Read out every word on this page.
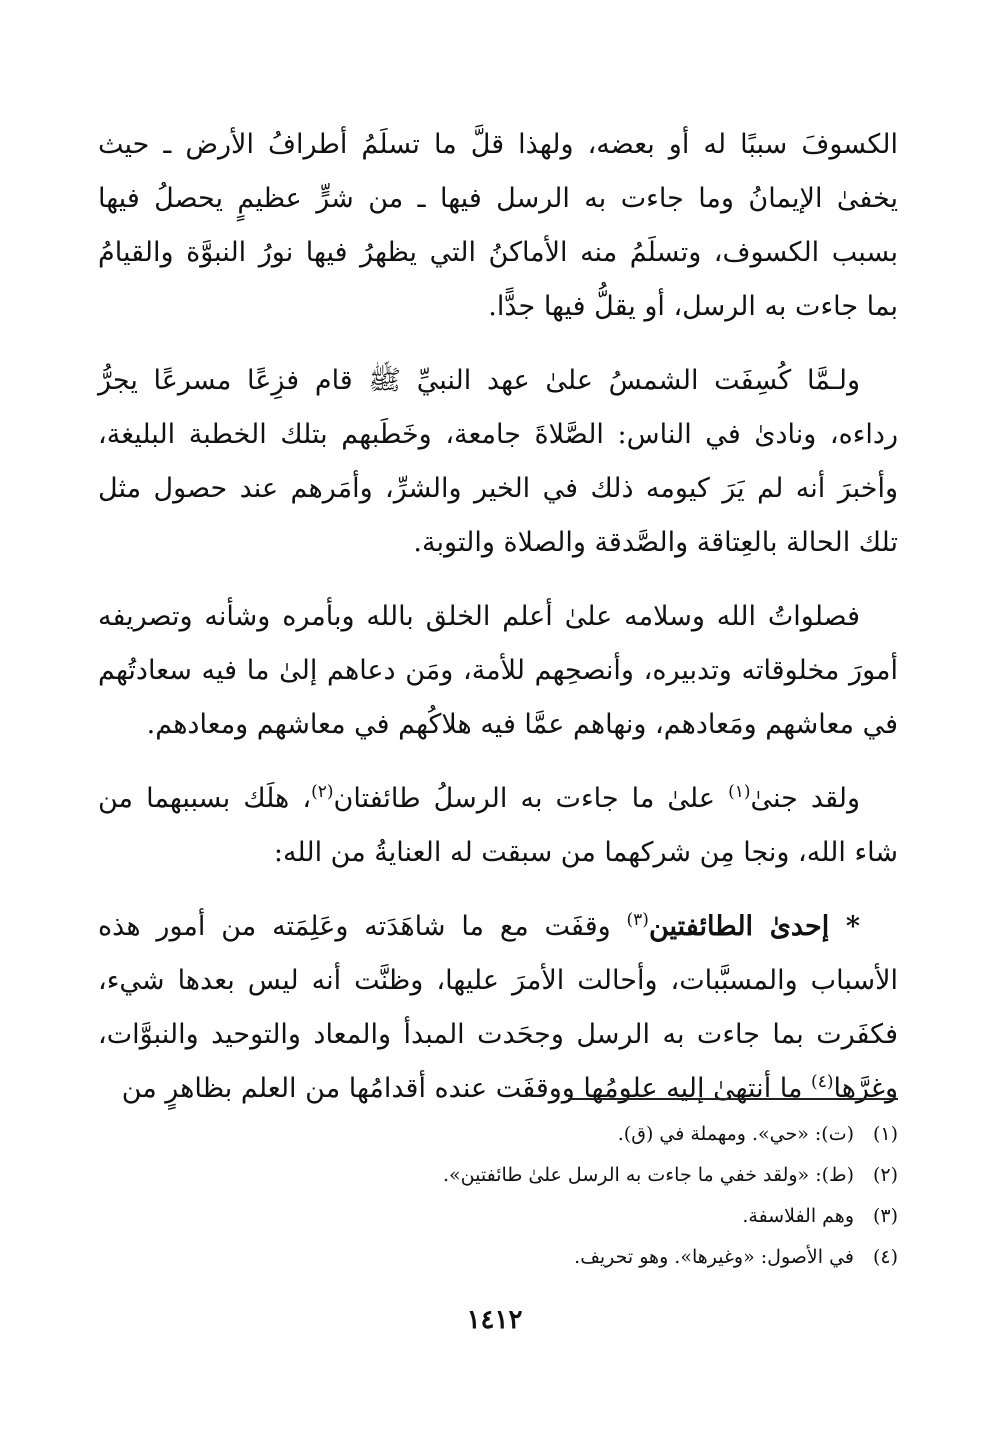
الكسوفَ سببًا له أو بعضه، ولهذا قلَّ ما تسلَمُ أطرافُ الأرض ـ حيث يخفىٰ الإيمانُ وما جاءت به الرسل فيها ـ من شرٍّ عظيمٍ يحصلُ فيها بسبب الكسوف، وتسلَمُ منه الأماكنُ التي يظهرُ فيها نورُ النبوَّة والقيامُ بما جاءت به الرسل، أو يقلُّ فيها جدًّا.

ولـمَّا كُسِفَت الشمسُ علىٰ عهد النبيِّ ﷺ قام فزِعًا مسرعًا يجرُّ رداءه، ونادىٰ في الناس: الصَّلاةَ جامعة، وخَطَبهم بتلك الخطبة البليغة، وأخبرَ أنه لم يَرَ كيومه ذلك في الخير والشرِّ، وأمَرهم عند حصول مثل تلك الحالة بالعِتاقة والصَّدقة والصلاة والتوبة.

فصلواتُ الله وسلامه علىٰ أعلم الخلق بالله وبأمره وشأنه وتصريفه أمورَ مخلوقاته وتدبيره، وأنصحِهم للأمة، ومَن دعاهم إلىٰ ما فيه سعادتُهم في معاشهم ومَعادهم، ونهاهم عمَّا فيه هلاكُهم في معاشهم ومعادهم.

ولقد جنىٰ$^{(١)}$ علىٰ ما جاءت به الرسلُ طائفتان$^{(٢)}$، هلَك بسببهما من شاء الله، ونجا مِن شركهما من سبقت له العنايةُ من الله:

* إحدىٰ الطائفتين$^{(٣)}$ وقفَت مع ما شاهَدَته وعَلِمَته من أمور هذه الأسباب والمسبَّبات، وأحالت الأمرَ عليها، وظنَّت أنه ليس بعدها شيء، فكفَرت بما جاءت به الرسل وجحَدت المبدأ والمعاد والتوحيد والنبوَّات، وغرَّها$^{(٤)}$ ما أنتهىٰ إليه علومُها ووقفَت عنده أقدامُها من العلم بظاهرٍ من

(١)
(ت): «حي». ومهملة في (ق).
(٢)
(ط): «ولقد خفي ما جاءت به الرسل علىٰ طائفتين».
(٣)
وهم الفلاسفة.
(٤)
في الأصول: «وغيرها». وهو تحريف.
١٤١٢
